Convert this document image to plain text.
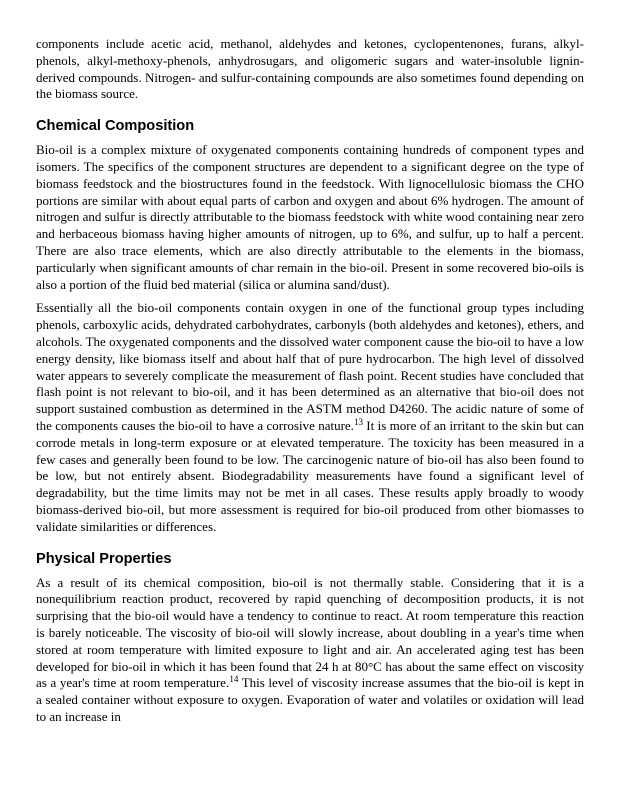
components include acetic acid, methanol, aldehydes and ketones, cyclopentenones, furans, alkyl-phenols, alkyl-methoxy-phenols, anhydrosugars, and oligomeric sugars and water-insoluble lignin-derived compounds. Nitrogen- and sulfur-containing compounds are also sometimes found depending on the biomass source.

Chemical Composition

Bio-oil is a complex mixture of oxygenated components containing hundreds of component types and isomers. The specifics of the component structures are dependent to a significant degree on the type of biomass feedstock and the biostructures found in the feedstock. With lignocellulosic biomass the CHO portions are similar with about equal parts of carbon and oxygen and about 6% hydrogen. The amount of nitrogen and sulfur is directly attributable to the biomass feedstock with white wood containing near zero and herbaceous biomass having higher amounts of nitrogen, up to 6%, and sulfur, up to half a percent. There are also trace elements, which are also directly attributable to the elements in the biomass, particularly when significant amounts of char remain in the bio-oil. Present in some recovered bio-oils is also a portion of the fluid bed material (silica or alumina sand/dust).

Essentially all the bio-oil components contain oxygen in one of the functional group types including phenols, carboxylic acids, dehydrated carbohydrates, carbonyls (both aldehydes and ketones), ethers, and alcohols. The oxygenated components and the dissolved water component cause the bio-oil to have a low energy density, like biomass itself and about half that of pure hydrocarbon. The high level of dissolved water appears to severely complicate the measurement of flash point. Recent studies have concluded that flash point is not relevant to bio-oil, and it has been determined as an alternative that bio-oil does not support sustained combustion as determined in the ASTM method D4260. The acidic nature of some of the components causes the bio-oil to have a corrosive nature.$^{13}$ It is more of an irritant to the skin but can corrode metals in long-term exposure or at elevated temperature. The toxicity has been measured in a few cases and generally been found to be low. The carcinogenic nature of bio-oil has also been found to be low, but not entirely absent. Biodegradability measurements have found a significant level of degradability, but the time limits may not be met in all cases. These results apply broadly to woody biomass-derived bio-oil, but more assessment is required for bio-oil produced from other biomasses to validate similarities or differences.

Physical Properties

As a result of its chemical composition, bio-oil is not thermally stable. Considering that it is a nonequilibrium reaction product, recovered by rapid quenching of decomposition products, it is not surprising that the bio-oil would have a tendency to continue to react. At room temperature this reaction is barely noticeable. The viscosity of bio-oil will slowly increase, about doubling in a year's time when stored at room temperature with limited exposure to light and air. An accelerated aging test has been developed for bio-oil in which it has been found that 24 h at 80°C has about the same effect on viscosity as a year's time at room temperature.$^{14}$ This level of viscosity increase assumes that the bio-oil is kept in a sealed container without exposure to oxygen. Evaporation of water and volatiles or oxidation will lead to an increase in
